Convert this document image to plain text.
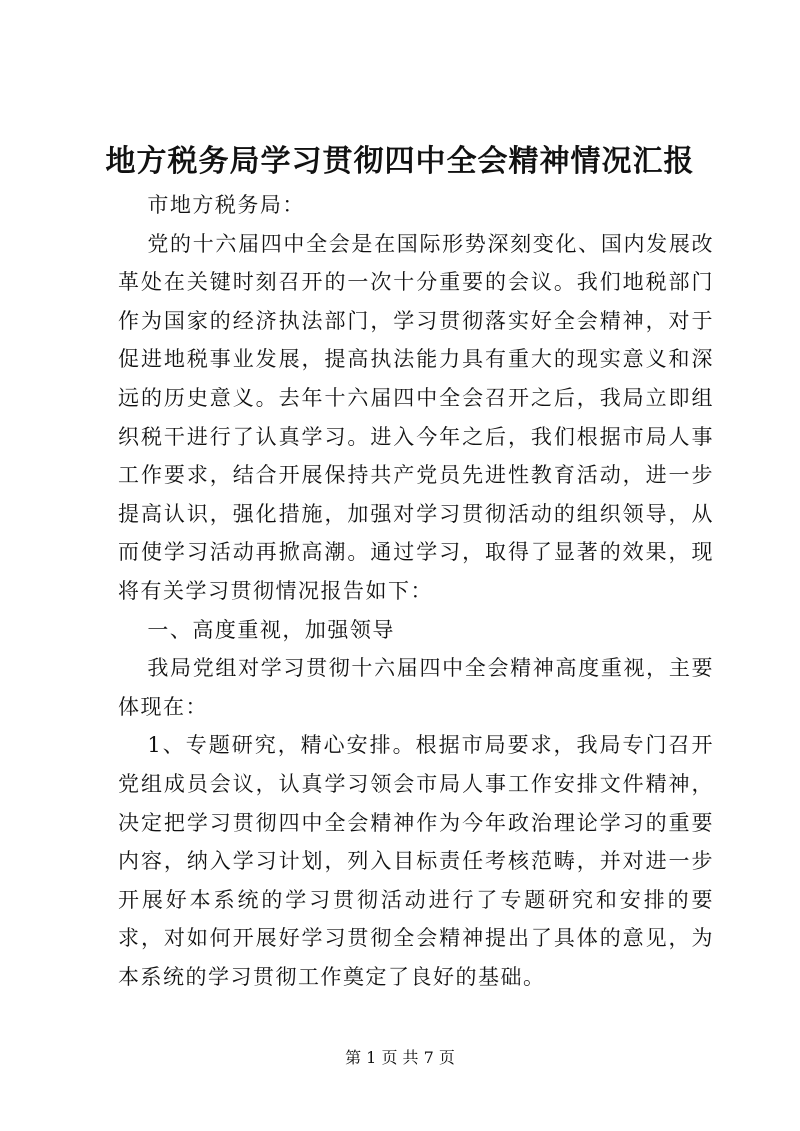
地方税务局学习贯彻四中全会精神情况汇报

市地方税务局：

党的十六届四中全会是在国际形势深刻变化、国内发展改革处在关键时刻召开的一次十分重要的会议。我们地税部门作为国家的经济执法部门，学习贯彻落实好全会精神，对于促进地税事业发展，提高执法能力具有重大的现实意义和深远的历史意义。去年十六届四中全会召开之后，我局立即组织税干进行了认真学习。进入今年之后，我们根据市局人事工作要求，结合开展保持共产党员先进性教育活动，进一步提高认识，强化措施，加强对学习贯彻活动的组织领导，从而使学习活动再掀高潮。通过学习，取得了显著的效果，现将有关学习贯彻情况报告如下：

一、高度重视，加强领导

我局党组对学习贯彻十六届四中全会精神高度重视，主要体现在：

1、专题研究，精心安排。根据市局要求，我局专门召开党组成员会议，认真学习领会市局人事工作安排文件精神，决定把学习贯彻四中全会精神作为今年政治理论学习的重要内容，纳入学习计划，列入目标责任考核范畴，并对进一步开展好本系统的学习贯彻活动进行了专题研究和安排的要求，对如何开展好学习贯彻全会精神提出了具体的意见，为本系统的学习贯彻工作奠定了良好的基础。

第 1 页 共 7 页
